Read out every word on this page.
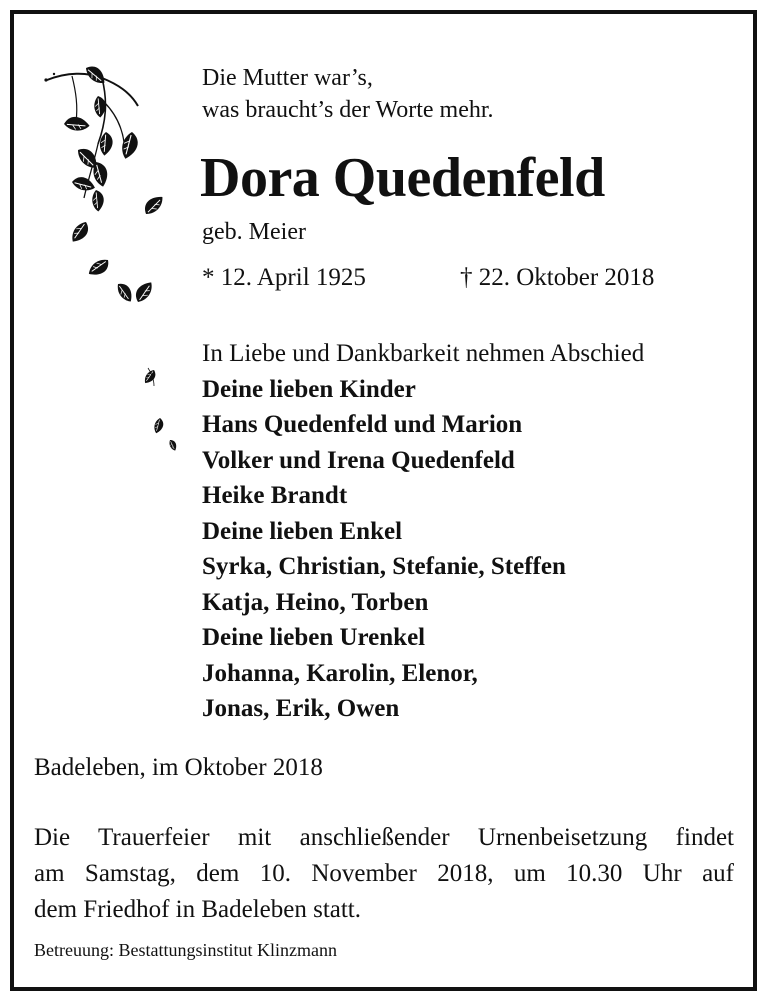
Die Mutter war’s,
was braucht’s der Worte mehr.
Dora Quedenfeld
geb. Meier
* 12. April 1925	† 22. Oktober 2018
In Liebe und Dankbarkeit nehmen Abschied
Deine lieben Kinder
Hans Quedenfeld und Marion
Volker und Irena Quedenfeld
Heike Brandt
Deine lieben Enkel
Syrka, Christian, Stefanie, Steffen
Katja, Heino, Torben
Deine lieben Urenkel
Johanna, Karolin, Elenor,
Jonas, Erik, Owen
Badeleben, im Oktober 2018
Die Trauerfeier mit anschließender Urnenbeisetzung findet
am Samstag, dem 10. November 2018, um 10.30 Uhr auf
dem Friedhof in Badeleben statt.
Betreuung: Bestattungsinstitut Klinzmann
